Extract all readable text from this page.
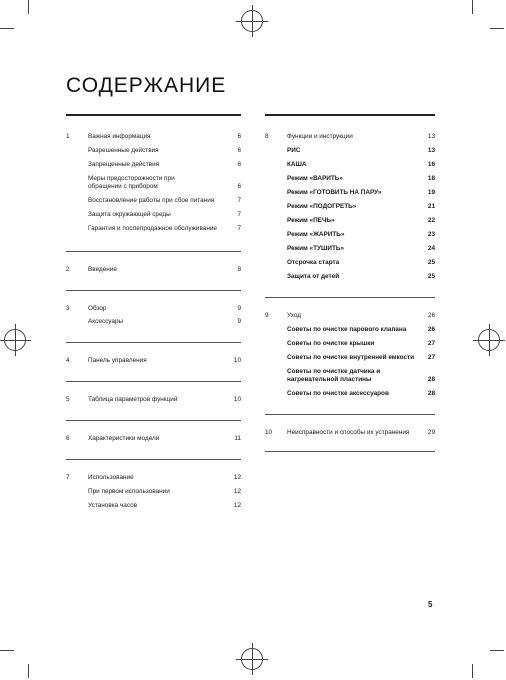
СОДЕРЖАНИЕ
1	Важная информация	6
Разрешенные действия	6
Запрещенные действия	6
Меры предосторожности при обращении с прибором	6
Восстановление работы при сбое питания	7
Защита окружающей среды	7
Гарантия и послепродажное обслуживание	7
2	Введение	8
3	Обзор	9
Аксессуары	9
4	Панель управления	10
5	Таблица параметров функций	10
6	Характеристики модели	11
7	Использование	12
При первом использовании	12
Установка часов	12
8	Функции и инструкции	13
РИС	13
КАША	16
Режим «ВАРИТЬ»	18
Режим «ГОТОВИТЬ НА ПАРУ»	19
Режим «ПОДОГРЕТЬ»	21
Режим «ПЕЧЬ»	22
Режим «ЖАРИТЬ»	23
Режим «ТУШИТЬ»	24
Отсрочка старта	25
Защита от детей	25
9	Уход	26
Советы по очистке парового клапана	26
Советы по очистке крышки	27
Советы по очистке внутренней емкости	27
Советы по очистке датчика и нагревательной пластины	28
Советы по очистке аксессуаров	28
10	Неисправности и способы их устранения	29
5
